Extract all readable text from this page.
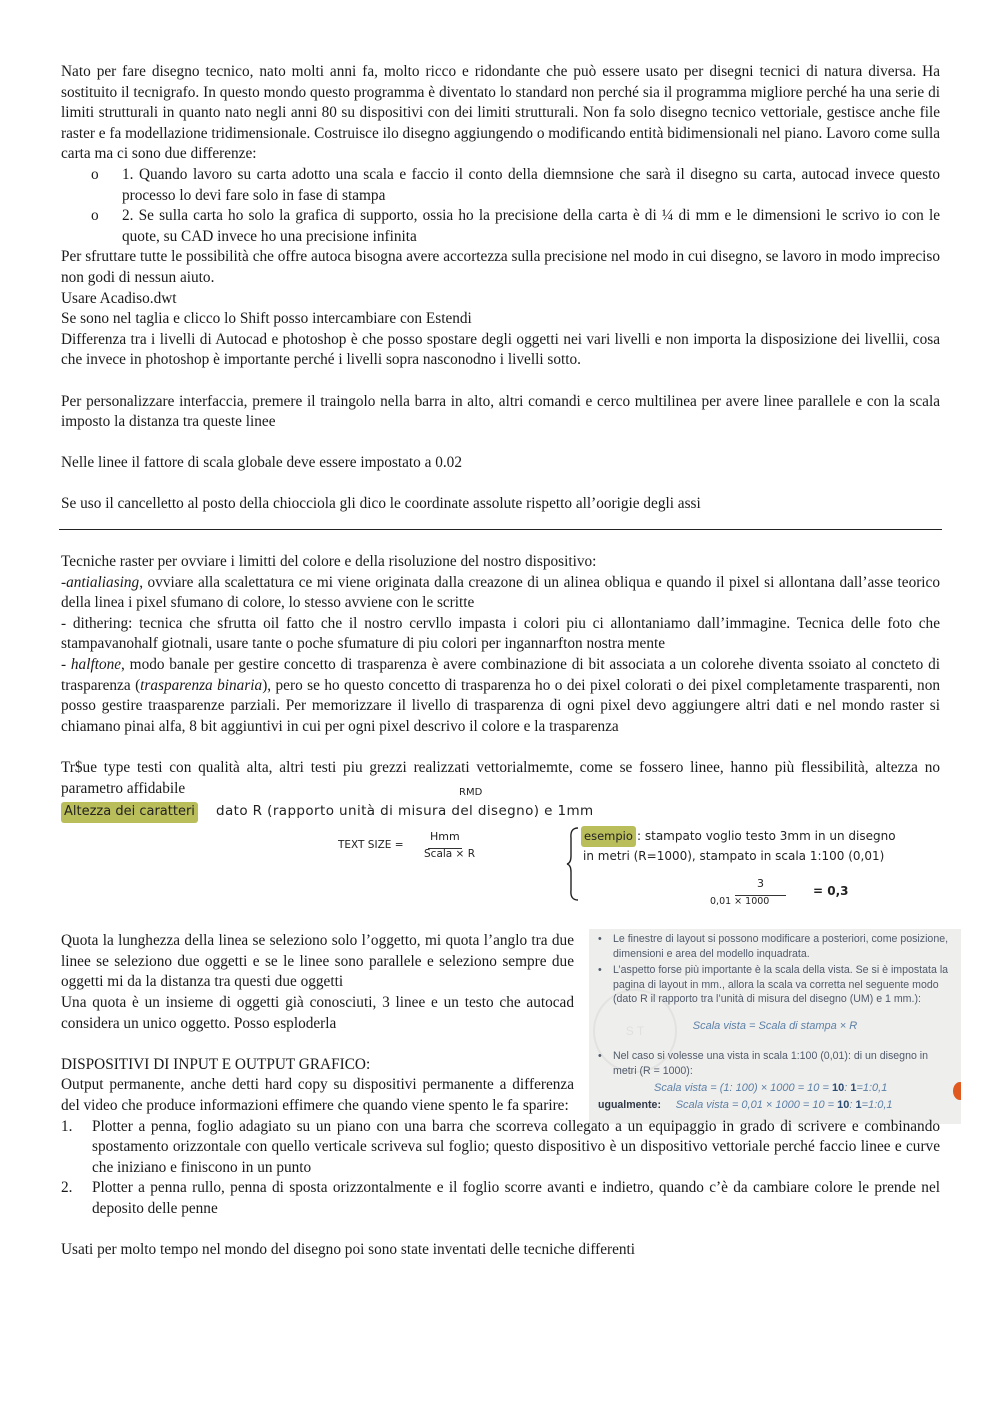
Nato per fare disegno tecnico, nato molti anni fa, molto ricco e ridondante che può essere usato per disegni tecnici di natura diversa. Ha sostituito il tecnigrafo. In questo mondo questo programma è diventato lo standard non perché sia il programma migliore perché ha una serie di limiti strutturali in quanto nato negli anni 80 su dispositivi con dei limiti strutturali. Non fa solo disegno tecnico vettoriale, gestisce anche file raster e fa modellazione tridimensionale. Costruisce ilo disegno aggiungendo o modificando entità bidimensionali nel piano. Lavoro come sulla carta ma ci sono due differenze:

o 1. Quando lavoro su carta adotto una scala e faccio il conto della diemnsione che sarà il disegno su carta, autocad invece questo processo lo devi fare solo in fase di stampa
o 2. Se sulla carta ho solo la grafica di supporto, ossia ho la precisione della carta è di ¼ di mm e le dimensioni le scrivo io con le quote, su CAD invece ho una precisione infinita

Per sfruttare tutte le possibilità che offre autoca bisogna avere accortezza sulla precisione nel modo in cui disegno, se lavoro in modo impreciso non godi di nessun aiuto.

Usare Acadiso.dwt

Se sono nel taglia e clicco lo Shift posso intercambiare con Estendi

Differenza tra i livelli di Autocad e photoshop è che posso spostare degli oggetti nei vari livelli e non importa la disposizione dei livellii, cosa che invece in photoshop è importante perché i livelli sopra nasconodno i livelli sotto.

Per personalizzare interfaccia, premere il traingolo nella barra in alto, altri comandi e cerco multilinea per avere linee parallele e con la scala imposto la distanza tra queste linee

Nelle linee il fattore di scala globale deve essere impostato a 0.02

Se uso il cancelletto al posto della chiocciola gli dico le coordinate assolute rispetto all’oorigie degli assi

Tecniche raster per ovviare i limitti del colore e della risoluzione del nostro dispositivo:

-antialiasing, ovviare alla scalettatura ce mi viene originata dalla creazone di un alinea obliqua e quando il pixel si allontana dall’asse teorico della linea i pixel sfumano di colore, lo stesso avviene con le scritte

- dithering: tecnica che sfrutta oil fatto che il nostro cervllo impasta i colori piu ci allontaniamo dall’immagine. Tecnica delle foto che stampavanohalf giotnali, usare tante o poche sfumature di piu colori per ingannarfton nostra mente

- halftone, modo banale per gestire concetto di trasparenza è avere combinazione di bit associata a un colorehe diventa ssoiato al concteto di trasparenza (trasparenza binaria), pero se ho questo concetto di trasparenza ho o dei pixel colorati o dei pixel completamente trasparenti, non posso gestire traasparenze parziali. Per memorizzare il livello di trasparenza di ogni pixel devo aggiungere altri dati e nel mondo raster si chiamano pinai alfa, 8 bit aggiuntivi in cui per ogni pixel descrivo il colore e la trasparenza

Tr$ue type testi con qualità alta, altri testi piu grezzi realizzati vettorialmemte, come se fossero linee, hanno più flessibilità, altezza no parametro affidabile	RMD
Altezza dei caratteri dato R (rapporto unità di misura del disegno) e 1mm
TEXT SIZE =
Hmm
Scala × R
esempio : stampato voglio testo 3mm in un disegno
in metri (R=1000), stampato in scala 1:100 (0,01)
3
0,01 × 1000
= 0,3

Quota la lunghezza della linea se seleziono solo l’oggetto, mi quota l’anglo tra due linee se seleziono due oggetti e se le linee sono parallele e seleziono sempre due oggetti mi da la distanza tra questi due oggetti

Una quota è un insieme di oggetti già conosciuti, 3 linee e un testo che autocad considera un unico oggetto. Posso esploderla

DISPOSITIVI DI INPUT E OUTPUT GRAFICO:

Output permanente, anche detti hard copy su dispositivi permanente a differenza del video che produce informazioni effimere che quando viene spento le fa sparire:

S T
• Le finestre di layout si possono modificare a posteriori, come posizione, dimensioni e area del modello inquadrata.
• L’aspetto forse più importante è la scala della vista. Se si è impostata la pagina di layout in mm., allora la scala va corretta nel seguente modo (dato R il rapporto tra l’unità di misura del disegno (UM) e 1 mm.):
Scala vista = Scala di stampa × R
• Nel caso si volesse una vista in scala 1:100 (0,01): di un disegno in metri (R = 1000):
Scala vista = (1: 100) × 1000 = 10 = 10: 1=1:0,1
ugualmente: Scala vista = 0,01 × 1000 = 10 = 10: 1=1:0,1
1. Plotter a penna, foglio adagiato su un piano con una barra che scorreva collegato a un equipaggio in grado di scrivere e combinando spostamento orizzontale con quello verticale scriveva sul foglio; questo dispositivo è un dispositivo vettoriale perché faccio linee e curve che iniziano e finiscono in un punto
2. Plotter a penna rullo, penna di sposta orizzontalmente e il foglio scorre avanti e indietro, quando c’è da cambiare colore le prende nel deposito delle penne

Usati per molto tempo nel mondo del disegno poi sono state inventati delle tecniche differenti
